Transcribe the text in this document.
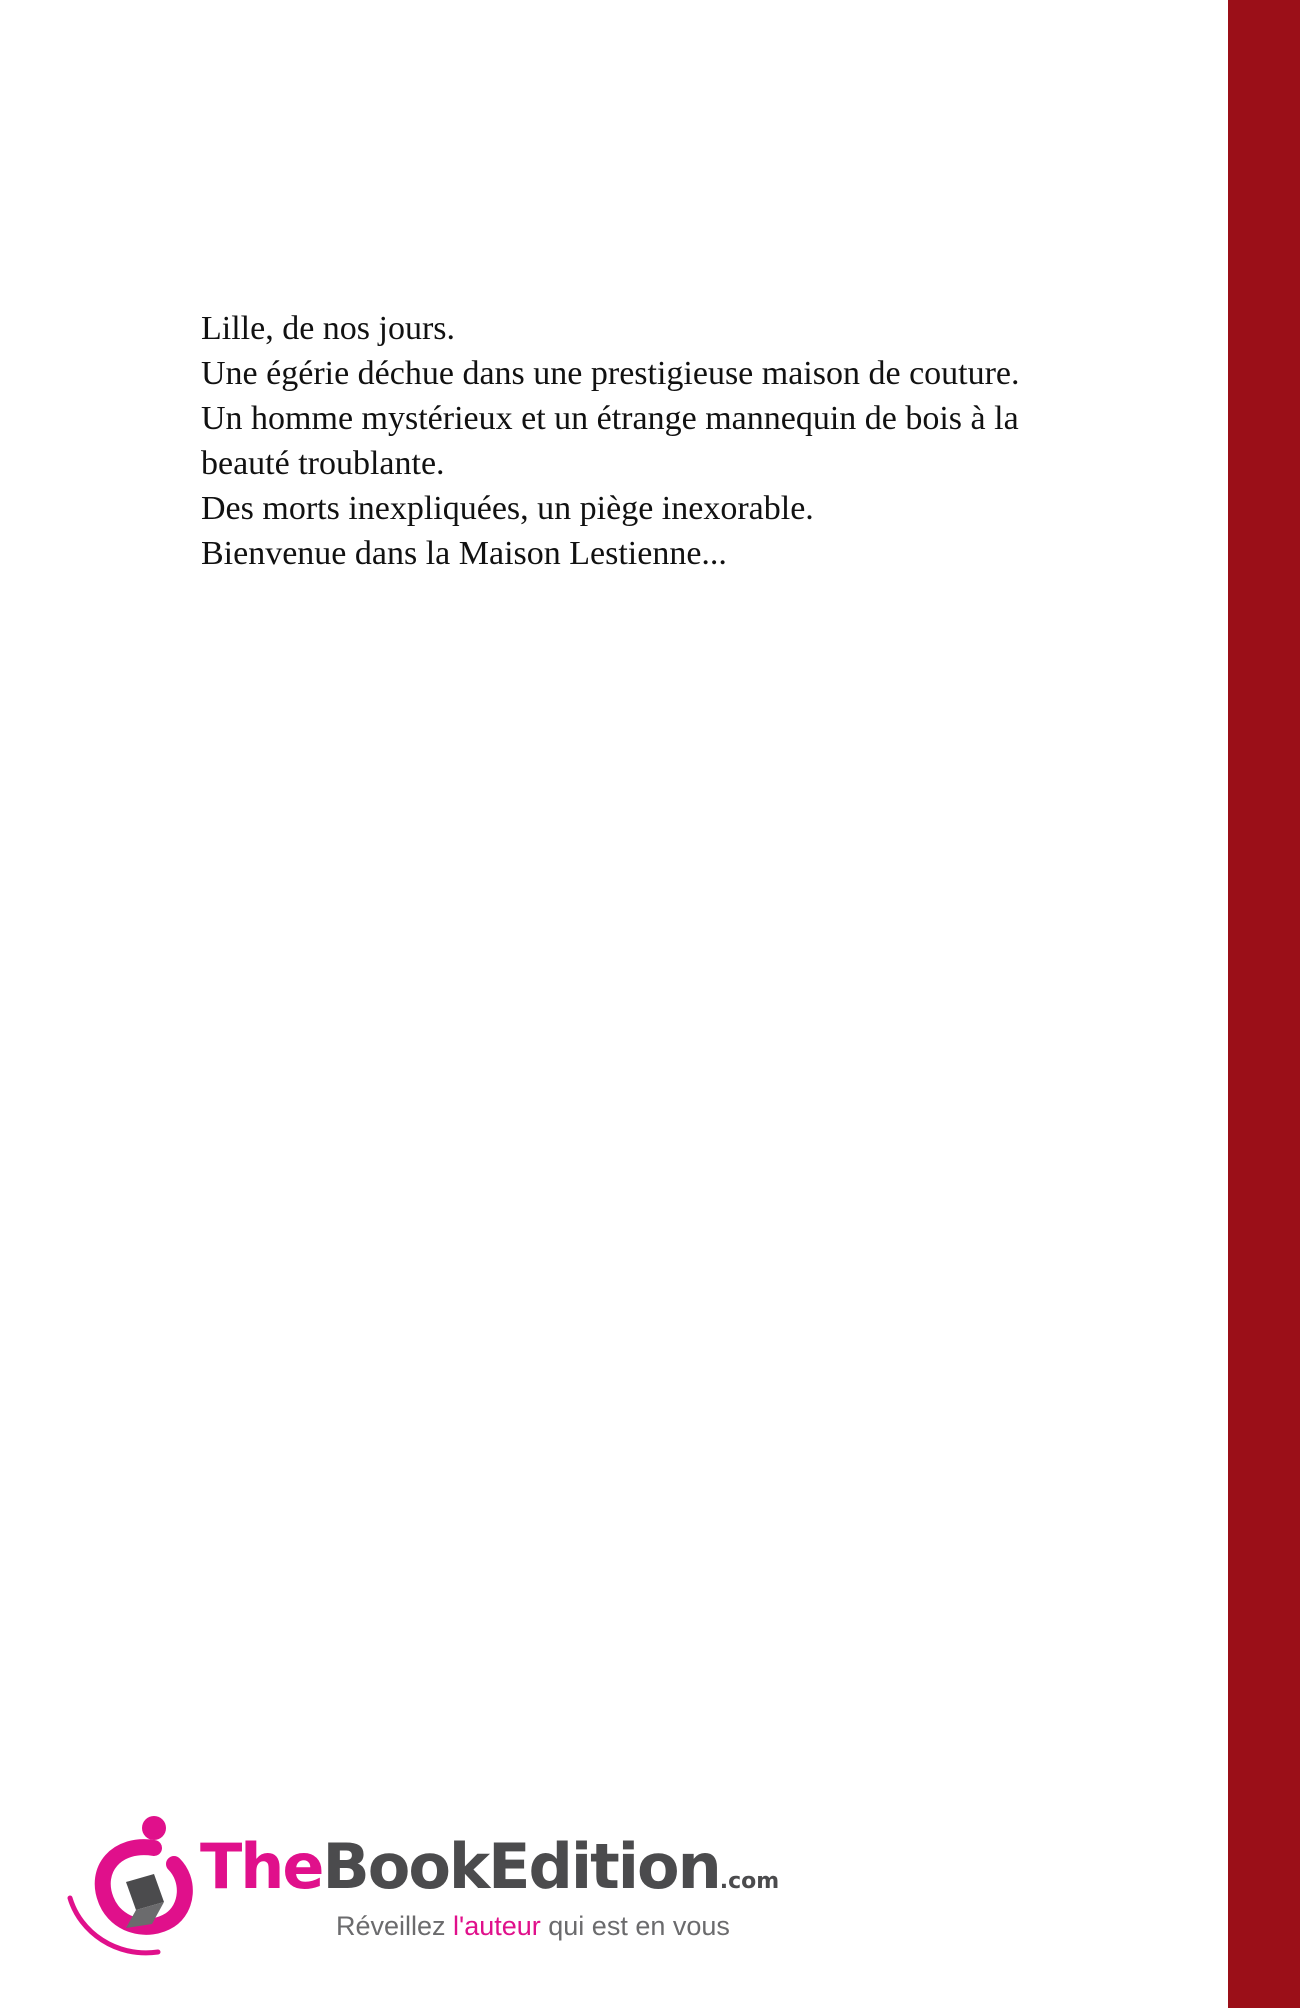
Lille, de nos jours.
Une égérie déchue dans une prestigieuse maison de couture.
Un homme mystérieux et un étrange mannequin de bois à la
beauté troublante.
Des morts inexpliquées, un piège inexorable.
Bienvenue dans la Maison Lestienne...
TheBookEdition.com
Réveillez l'auteur qui est en vous
